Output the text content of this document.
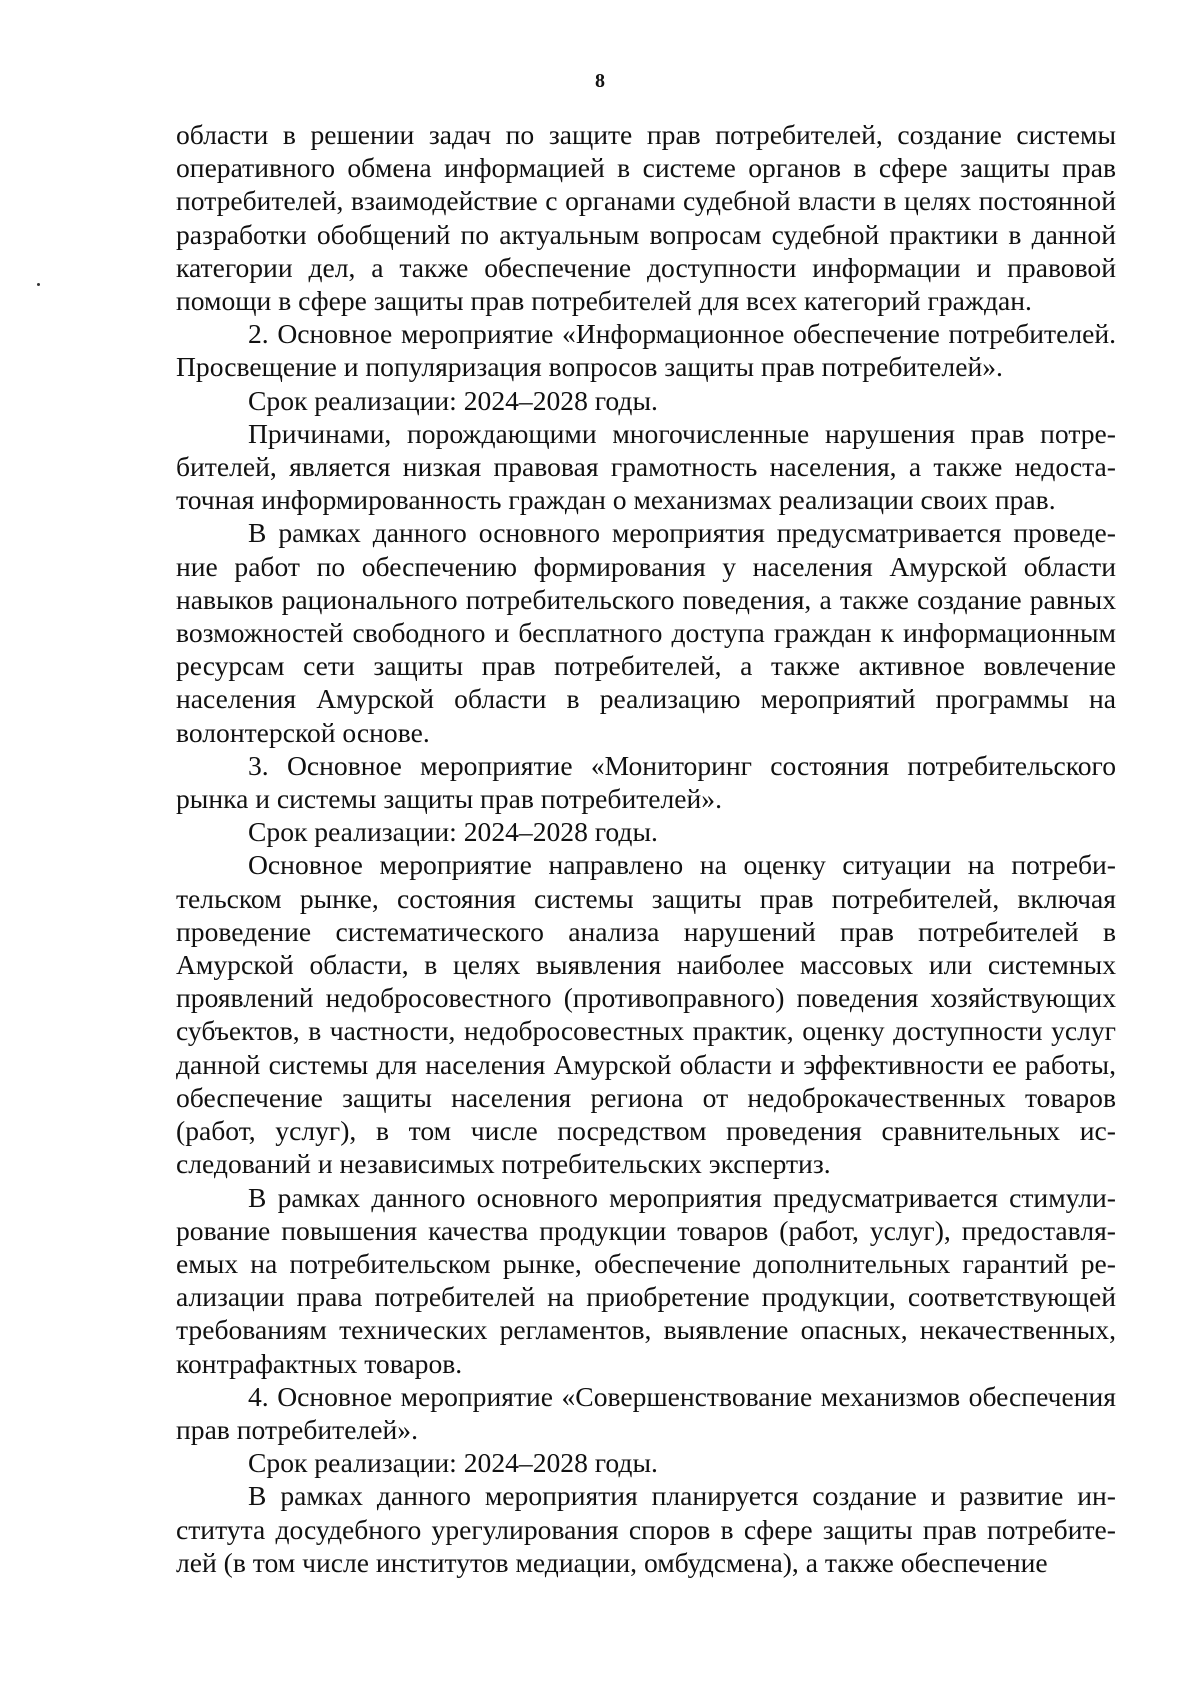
8

области в решении задач по защите прав потребителей, создание системы оперативного обмена информацией в системе органов в сфере защиты прав потребителей, взаимодействие с органами судебной власти в целях постоянной разработки обобщений по актуальным вопросам судебной практики в данной категории дел, а также обеспечение доступности информации и правовой помощи в сфере защиты прав потребителей для всех категорий граждан.

2. Основное мероприятие «Информационное обеспечение потребителей. Просвещение и популяризация вопросов защиты прав потребителей».

Срок реализации: 2024–2028 годы.

Причинами, порождающими многочисленные нарушения прав потребителей, является низкая правовая грамотность населения, а также недостаточная информированность граждан о механизмах реализации своих прав.

В рамках данного основного мероприятия предусматривается проведение работ по обеспечению формирования у населения Амурской области навыков рационального потребительского поведения, а также создание равных возможностей свободного и бесплатного доступа граждан к информационным ресурсам сети защиты прав потребителей, а также активное вовлечение населения Амурской области в реализацию мероприятий программы на волонтерской основе.

3. Основное мероприятие «Мониторинг состояния потребительского рынка и системы защиты прав потребителей».

Срок реализации: 2024–2028 годы.

Основное мероприятие направлено на оценку ситуации на потребительском рынке, состояния системы защиты прав потребителей, включая проведение систематического анализа нарушений прав потребителей в Амурской области, в целях выявления наиболее массовых или системных проявлений недобросовестного (противоправного) поведения хозяйствующих субъектов, в частности, недобросовестных практик, оценку доступности услуг данной системы для населения Амурской области и эффективности ее работы, обеспечение защиты населения региона от недоброкачественных товаров (работ, услуг), в том числе посредством проведения сравнительных исследований и независимых потребительских экспертиз.

В рамках данного основного мероприятия предусматривается стимулирование повышения качества продукции товаров (работ, услуг), предоставляемых на потребительском рынке, обеспечение дополнительных гарантий реализации права потребителей на приобретение продукции, соответствующей требованиям технических регламентов, выявление опасных, некачественных, контрафактных товаров.

4. Основное мероприятие «Совершенствование механизмов обеспечения прав потребителей».

Срок реализации: 2024–2028 годы.

В рамках данного мероприятия планируется создание и развитие института досудебного урегулирования споров в сфере защиты прав потребителей (в том числе институтов медиации, омбудсмена), а также обеспечение
